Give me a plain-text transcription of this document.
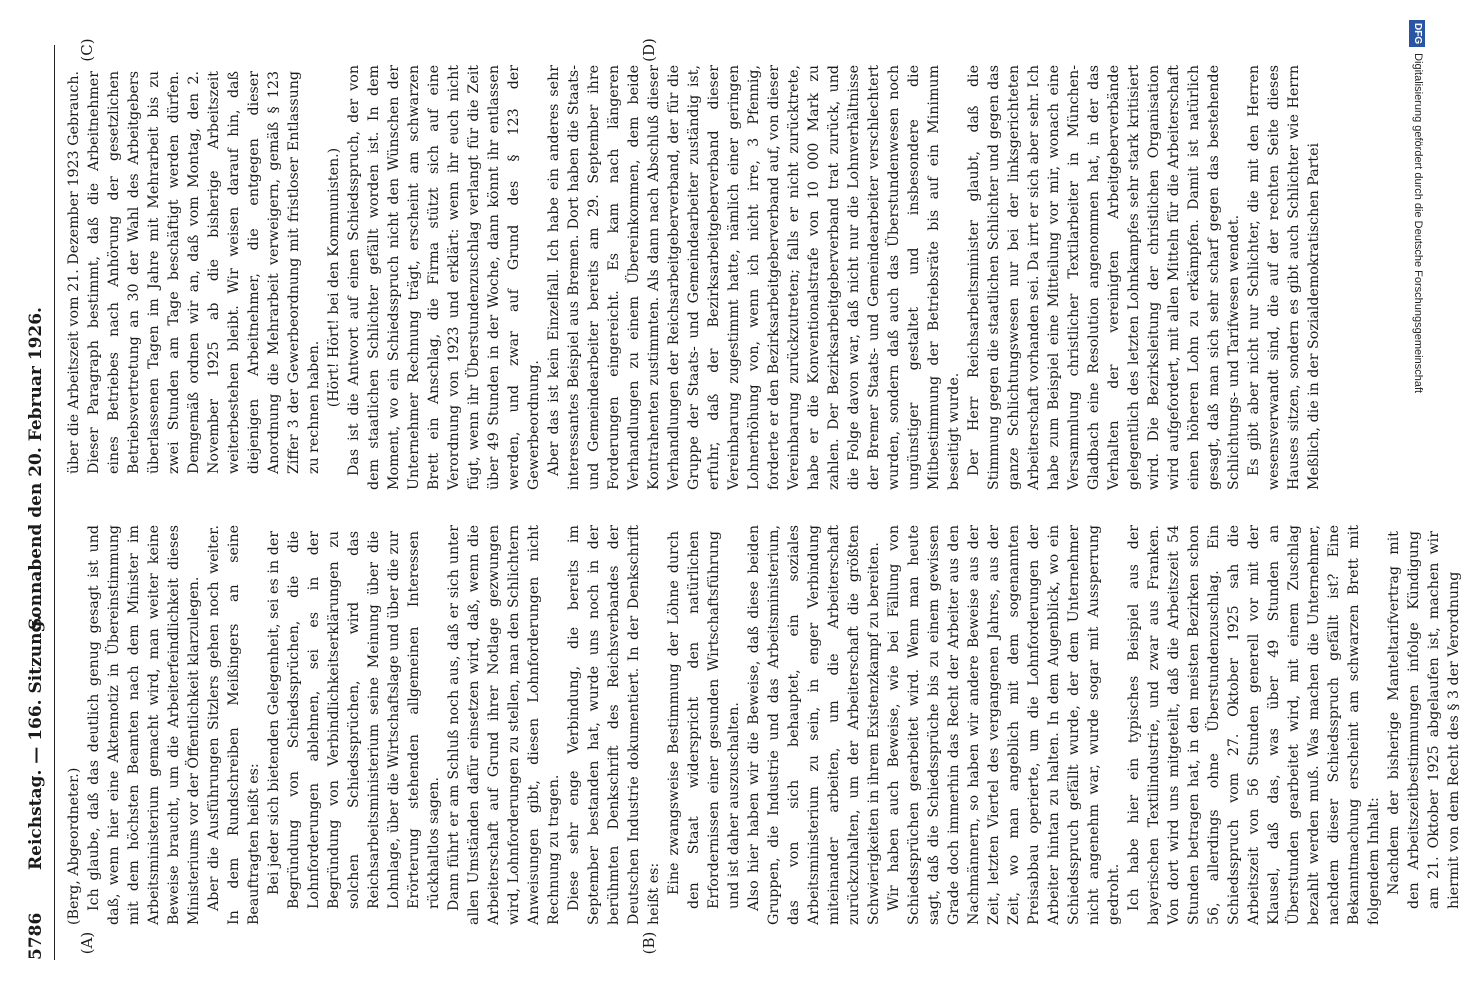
5786
Reichstag. — 166. Sitzung.
Sonnabend den 20. Februar 1926.
(A)	(B)
(C)	(D)

(Berg, Abgeordneter.) Ich glaube, daß das deutlich genug gesagt ist und daß, wenn hier eine Aktennotiz in Übereinstimmung mit dem höchsten Beamten nach dem Minister im Arbeitsministerium gemacht wird, man weiter keine Beweise braucht, um die Arbeiterfeindlichkeit dieses Ministeriums vor der Öffentlichkeit klarzulegen. Aber die Ausführungen Sitzlers gehen noch weiter. In dem Rundschreiben Meißingers an seine Beauftragten heißt es: Bei jeder sich bietenden Gelegenheit, sei es in der Begründung von Schiedssprüchen, die die Lohnforderungen ablehnen, sei es in der Begründung von Verbindlichkeitserklärungen zu solchen Schiedssprüchen, wird das Reichsarbeitsministerium seine Meinung über die Lohnlage, über die Wirtschaftslage und über die zur Erörterung stehenden allgemeinen Interessen rückhaltlos sagen. Dann führt er am Schluß noch aus, daß er sich unter allen Umständen dafür einsetzen wird, daß, wenn die Arbeiterschaft auf Grund ihrer Notlage gezwungen wird, Lohnforderungen zu stellen, man den Schlichtern Anweisungen gibt, diesen Lohnforderungen nicht Rechnung zu tragen. Diese sehr enge Verbindung, die bereits im September bestanden hat, wurde uns noch in der berühmten Denkschrift des Reichsverbandes der Deutschen Industrie dokumentiert. In der Denkschrift heißt es: Eine zwangsweise Bestimmung der Löhne durch den Staat widerspricht den natürlichen Erfordernissen einer gesunden Wirtschaftsführung und ist daher auszuschalten. Also hier haben wir die Beweise, daß diese beiden Gruppen, die Industrie und das Arbeitsministerium, das von sich behauptet, ein soziales Arbeitsministerium zu sein, in enger Verbindung miteinander arbeiten, um die Arbeiterschaft zurückzuhalten, um der Arbeiterschaft die größten Schwierigkeiten in ihrem Existenzkampf zu bereiten. Wir haben auch Beweise, wie bei Fällung von Schiedssprüchen gearbeitet wird. Wenn man heute sagt, daß die Schiedssprüche bis zu einem gewissen Grade doch immerhin das Recht der Arbeiter aus den Nachmännern, so haben wir andere Beweise aus der Zeit, letzten Viertel des vergangenen Jahres, aus der Zeit, wo man angeblich mit dem sogenannten Preisabbau operierte, um die Lohnforderungen der Arbeiter hintan zu halten. In dem Augenblick, wo ein Schiedsspruch gefällt wurde, der dem Unternehmer nicht angenehm war, wurde sogar mit Aussperrung gedroht. Ich habe hier ein typisches Beispiel aus der bayerischen Textilindustrie, und zwar aus Franken. Von dort wird uns mitgeteilt, daß die Arbeitszeit 54 Stunden betragen hat, in den meisten Bezirken schon 56, allerdings ohne Überstundenzuschlag. Ein Schiedsspruch vom 27. Oktober 1925 sah die Arbeitszeit von 56 Stunden generell vor mit der Klausel, daß das, was über 49 Stunden an Überstunden gearbeitet wird, mit einem Zuschlag bezahlt werden muß. Was machen die Unternehmer, nachdem dieser Schiedsspruch gefällt ist? Eine Bekanntmachung erscheint am schwarzen Brett mit folgendem Inhalt: Nachdem der bisherige Manteltarifvertrag mit den Arbeitszeitbestimmungen infolge Kündigung am 21. Oktober 1925 abgelaufen ist, machen wir hiermit von dem Recht des § 3 der Verordnung

über die Arbeitszeit vom 21. Dezember 1923 Gebrauch. Dieser Paragraph bestimmt, daß die Arbeitnehmer eines Betriebes nach Anhörung der gesetzlichen Betriebsvertretung an 30 der Wahl des Arbeitgebers überlassenen Tagen im Jahre mit Mehrarbeit bis zu zwei Stunden am Tage beschäftigt werden dürfen. Demgemäß ordnen wir an, daß vom Montag, den 2. November 1925 ab die bisherige Arbeitszeit weiterbestehen bleibt. Wir weisen darauf hin, daß diejenigen Arbeitnehmer, die entgegen dieser Anordnung die Mehrarbeit verweigern, gemäß § 123 Ziffer 3 der Gewerbeordnung mit fristloser Entlassung zu rechnen haben.

(Hört! Hört! bei den Kommunisten.) Das ist die Antwort auf einen Schiedsspruch, der von dem staatlichen Schlichter gefällt worden ist. In dem Moment, wo ein Schiedsspruch nicht den Wünschen der Unternehmer Rechnung trägt, erscheint am schwarzen Brett ein Anschlag, die Firma stützt sich auf eine Verordnung von 1923 und erklärt: wenn ihr euch nicht fügt, wenn ihr Überstundenzuschlag verlangt für die Zeit über 49 Stunden in der Woche, dann könnt ihr entlassen werden, und zwar auf Grund des § 123 der Gewerbeordnung. Aber das ist kein Einzelfall. Ich habe ein anderes sehr interessantes Beispiel aus Bremen. Dort haben die Staats- und Gemeindearbeiter bereits am 29. September ihre Forderungen eingereicht. Es kam nach längeren Verhandlungen zu einem Übereinkommen, dem beide Kontrahenten zustimmten. Als dann nach Abschluß dieser Verhandlungen der Reichsarbeitgeberverband, der für die Gruppe der Staats- und Gemeindearbeiter zuständig ist, erfuhr, daß der Bezirksarbeitgeberverband dieser Vereinbarung zugestimmt hatte, nämlich einer geringen Lohnerhöhung von, wenn ich nicht irre, 3 Pfennig, forderte er den Bezirksarbeitgeberverband auf, von dieser Vereinbarung zurückzutreten; falls er nicht zurücktrete, habe er die Konventionalstrafe von 10 000 Mark zu zahlen. Der Bezirksarbeitgeberverband trat zurück, und die Folge davon war, daß nicht nur die Lohnverhältnisse der Bremer Staats- und Gemeindearbeiter verschlechtert wurden, sondern daß auch das Überstundenwesen noch ungünstiger gestaltet und insbesondere die Mitbestimmung der Betriebsräte bis auf ein Minimum beseitigt wurde. Der Herr Reichsarbeitsminister glaubt, daß die Stimmung gegen die staatlichen Schlichter und gegen das ganze Schlichtungswesen nur bei der linksgerichteten Arbeiterschaft vorhanden sei. Da irrt er sich aber sehr. Ich habe zum Beispiel eine Mitteilung vor mir, wonach eine Versammlung christlicher Textilarbeiter in München-Gladbach eine Resolution angenommen hat, in der das Verhalten der vereinigten Arbeitgeberverbände gelegentlich des letzten Lohnkampfes sehr stark kritisiert wird. Die Bezirksleitung der christlichen Organisation wird aufgefordert, mit allen Mitteln für die Arbeiterschaft einen höheren Lohn zu erkämpfen. Damit ist natürlich gesagt, daß man sich sehr scharf gegen das bestehende Schlichtungs- und Tarifwesen wendet. Es gibt aber nicht nur Schlichter, die mit den Herren wesensverwandt sind, die auf der rechten Seite dieses Hauses sitzen, sondern es gibt auch Schlichter wie Herrn Meßlich, die in der Sozialdemokratischen Partei

DFGDigitalisierung gefördert durch die Deutsche Forschungsgemeinschaft
